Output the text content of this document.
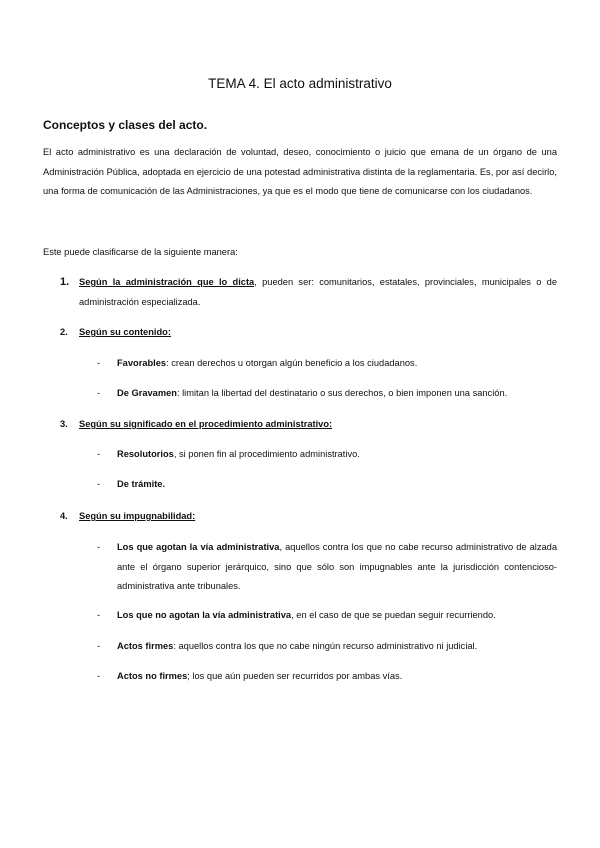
TEMA 4. El acto administrativo
Conceptos y clases del acto.

El acto administrativo es una declaración de voluntad, deseo, conocimiento o juicio que emana de un órgano de una Administración Pública, adoptada en ejercicio de una potestad administrativa distinta de la reglamentaria. Es, por así decirlo, una forma de comunicación de las Administraciones, ya que es el modo que tiene de comunicarse con los ciudadanos.

Este puede clasificarse de la siguiente manera:

1. Según la administración que lo dicta, pueden ser: comunitarios, estatales, provinciales, municipales o de administración especializada.
2. Según su contenido:
- Favorables: crean derechos u otorgan algún beneficio a los ciudadanos.
- De Gravamen: limitan la libertad del destinatario o sus derechos, o bien imponen una sanción.
3. Según su significado en el procedimiento administrativo:
- Resolutorios, si ponen fin al procedimiento administrativo.
- De trámite.
4. Según su impugnabilidad:
- Los que agotan la vía administrativa, aquellos contra los que no cabe recurso administrativo de alzada ante el órgano superior jerárquico, sino que sólo son impugnables ante la jurisdicción contencioso-administrativa ante tribunales.
- Los que no agotan la vía administrativa, en el caso de que se puedan seguir recurriendo.
- Actos firmes: aquellos contra los que no cabe ningún recurso administrativo ni judicial.
- Actos no firmes; los que aún pueden ser recurridos por ambas vías.
